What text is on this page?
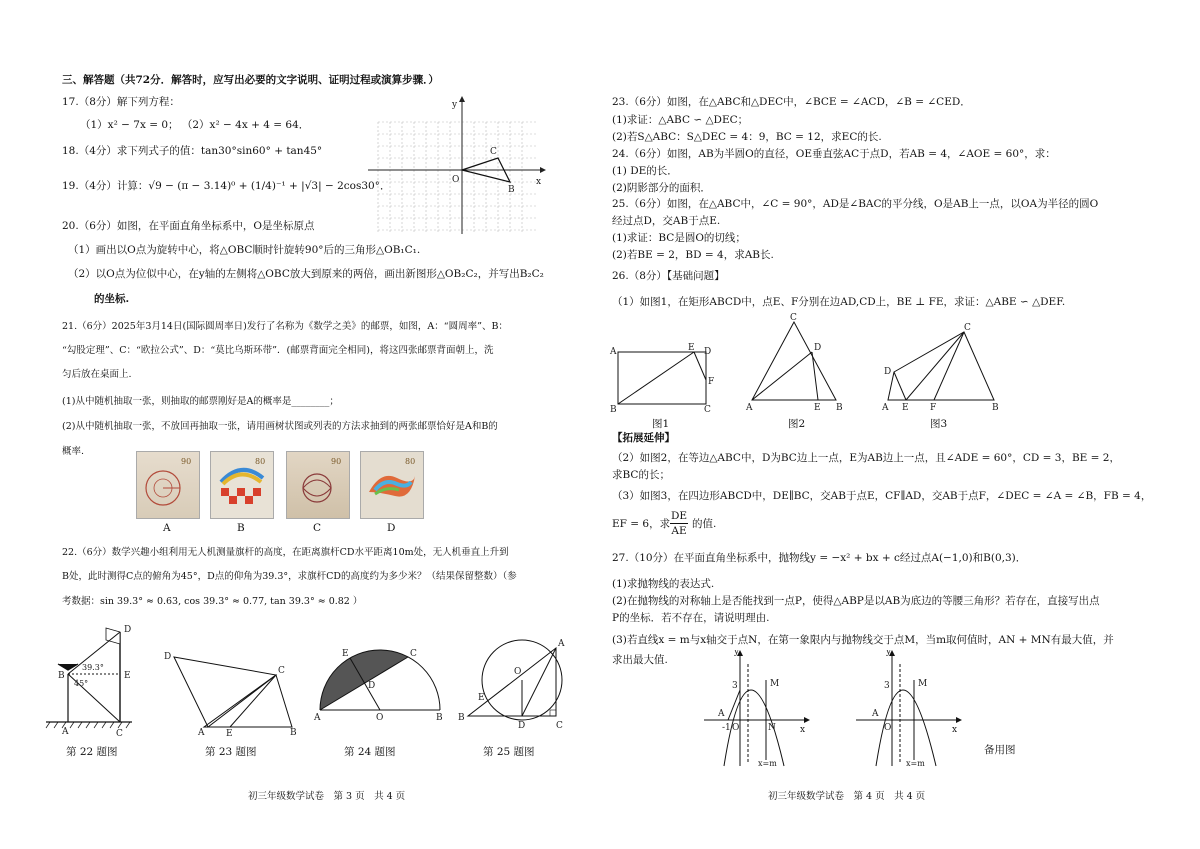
三、解答题（共72分．解答时，应写出必要的文字说明、证明过程或演算步骤．）
17.（8分）解下列方程：
（1）x² − 7x = 0； （2）x² − 4x + 4 = 64．
18.（4分）求下列式子的值：tan30°sin60° + tan45°
19.（4分）计算：√9 − (π − 3.14)⁰ + (1/4)⁻¹ + |√3| − 2cos30°．
y
x
O
B
C
20.（6分）如图，在平面直角坐标系中，O是坐标原点
（1）画出以O点为旋转中心，将△OBC顺时针旋转90°后的三角形△OB₁C₁.
（2）以O点为位似中心，在y轴的左侧将△OBC放大到原来的两倍，画出新图形△OB₂C₂，并写出B₂C₂
的坐标.
21.（6分）2025年3月14日(国际圆周率日)发行了名称为《数学之美》的邮票，如图，A：“圆周率”、B：
“勾股定理”、C：“欧拉公式”、D：“莫比乌斯环带”．(邮票背面完全相同)，将这四张邮票背面朝上，洗
匀后放在桌面上.
(1)从中随机抽取一张，则抽取的邮票刚好是A的概率是________；
(2)从中随机抽取一张，不放回再抽取一张，请用画树状图或列表的方法求抽到的两张邮票恰好是A和B的
概率.
90	80	90	80
A	B	C	D
22.（6分）数学兴趣小组利用无人机测量旗杆的高度，在距离旗杆CD水平距离10m处，无人机垂直上升到
B处，此时测得C点的俯角为45°，D点的仰角为39.3°，求旗杆CD的高度约为多少米？（结果保留整数）（参
考数据：sin 39.3° ≈ 0.63, cos 39.3° ≈ 0.77, tan 39.3° ≈ 0.82 ）
D
E
B
A	C
39.3°
45°
D
C
A E	B
E	C
D
A	O	B
A
O
E
B
D	C
第 22 题图	第 23 题图	第 24 题图	第 25 题图
初三年级数学试卷　第 3 页　共 4 页
23.（6分）如图，在△ABC和△DEC中，∠BCE = ∠ACD，∠B = ∠CED．
(1)求证：△ABC ∽ △DEC；
(2)若S△ABC：S△DEC = 4：9，BC = 12，求EC的长.
24.（6分）如图，AB为半圆O的直径，OE垂直弦AC于点D，若AB = 4，∠AOE = 60°，求：
(1) DE的长．
(2)阴影部分的面积．
25.（6分）如图，在△ABC中，∠C = 90°，AD是∠BAC的平分线，O是AB上一点，以OA为半径的圆O
经过点D，交AB于点E.
(1)求证：BC是圆O的切线；
(2)若BE = 2，BD = 4，求AB长.
26.（8分）【基础问题】
（1）如图1，在矩形ABCD中，点E、F分别在边AD,CD上，BE ⊥ FE，求证：△ABE ∽ △DEF.
A	E D
F
B	C
C
D
A	E B
C
D
A E F	B
图1	图2	图3
【拓展延伸】
（2）如图2，在等边△ABC中，D为BC边上一点，E为AB边上一点，且∠ADE = 60°，CD = 3，BE = 2，
求BC的长；
（3）如图3，在四边形ABCD中，DE∥BC，交AB于点E，CF∥AD，交AB于点F，∠DEC = ∠A = ∠B，FB = 4，
EF = 6，求
DE
AE
的值.
27.（10分）在平面直角坐标系中，抛物线y = −x² + bx + c经过点A(−1,0)和B(0,3)．
(1)求抛物线的表达式.
(2)在抛物线的对称轴上是否能找到一点P，使得△ABP是以AB为底边的等腰三角形？若存在，直接写出点
P的坐标．若不存在，请说明理由.
(3)若直线x = m与x轴交于点N，在第一象限内与抛物线交于点M，当m取何值时，AN + MN有最大值，并
求出最大值.
y
x
O
3
A
-1
M
N
x=m
y
x
O
3
A
M
x=m
备用图
初三年级数学试卷　第 4 页　共 4 页
